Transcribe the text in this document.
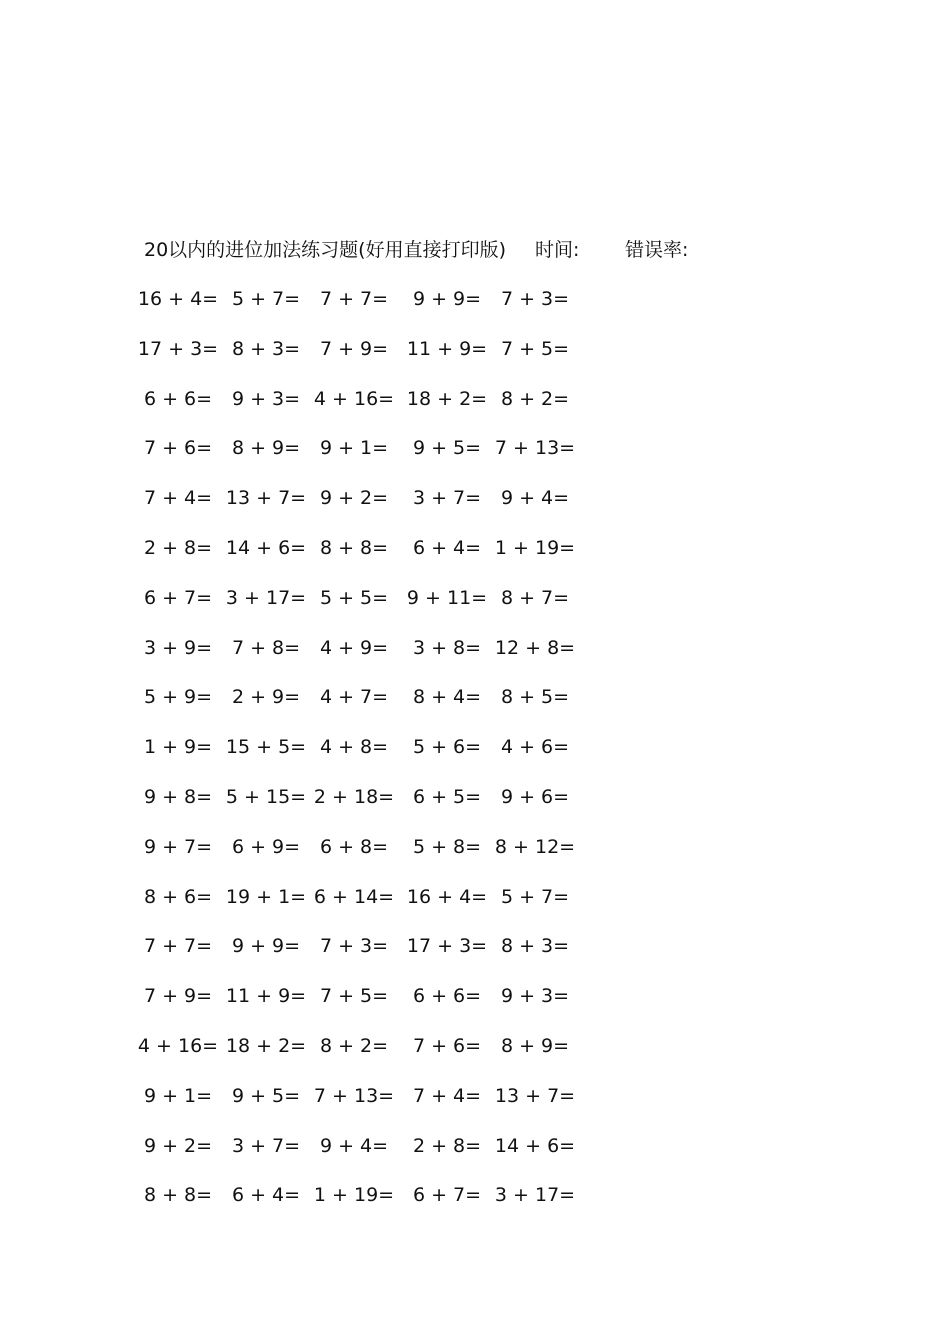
20以内的进位加法练习题(好用直接打印版) 时间: 错误率:
16 + 4= 5 + 7=	7 + 7=	9 + 9=	7 + 3=
17 + 3= 8 + 3=	7 + 9= 11 + 9= 7 + 5=
6 + 6=	9 + 3= 4 + 16= 18 + 2= 8 + 2=
7 + 6=	8 + 9=	9 + 1=	9 + 5= 7 + 13=
7 + 4= 13 + 7= 9 + 2=	3 + 7=	9 + 4=
2 + 8= 14 + 6= 8 + 8=	6 + 4= 1 + 19=
6 + 7= 3 + 17= 5 + 5= 9 + 11= 8 + 7=
3 + 9=	7 + 8=	4 + 9=	3 + 8= 12 + 8=
5 + 9=	2 + 9=	4 + 7=	8 + 4=	8 + 5=
1 + 9= 15 + 5= 4 + 8=	5 + 6=	4 + 6=
9 + 8= 5 + 15= 2 + 18= 6 + 5=	9 + 6=
9 + 7=	6 + 9=	6 + 8=	5 + 8= 8 + 12=
8 + 6= 19 + 1= 6 + 14= 16 + 4= 5 + 7=
7 + 7=	9 + 9=	7 + 3= 17 + 3= 8 + 3=
7 + 9= 11 + 9= 7 + 5=	6 + 6=	9 + 3=
4 + 16= 18 + 2= 8 + 2=	7 + 6=	8 + 9=
9 + 1=	9 + 5= 7 + 13= 7 + 4= 13 + 7=
9 + 2=	3 + 7=	9 + 4=	2 + 8= 14 + 6=
8 + 8=	6 + 4= 1 + 19= 6 + 7= 3 + 17=
